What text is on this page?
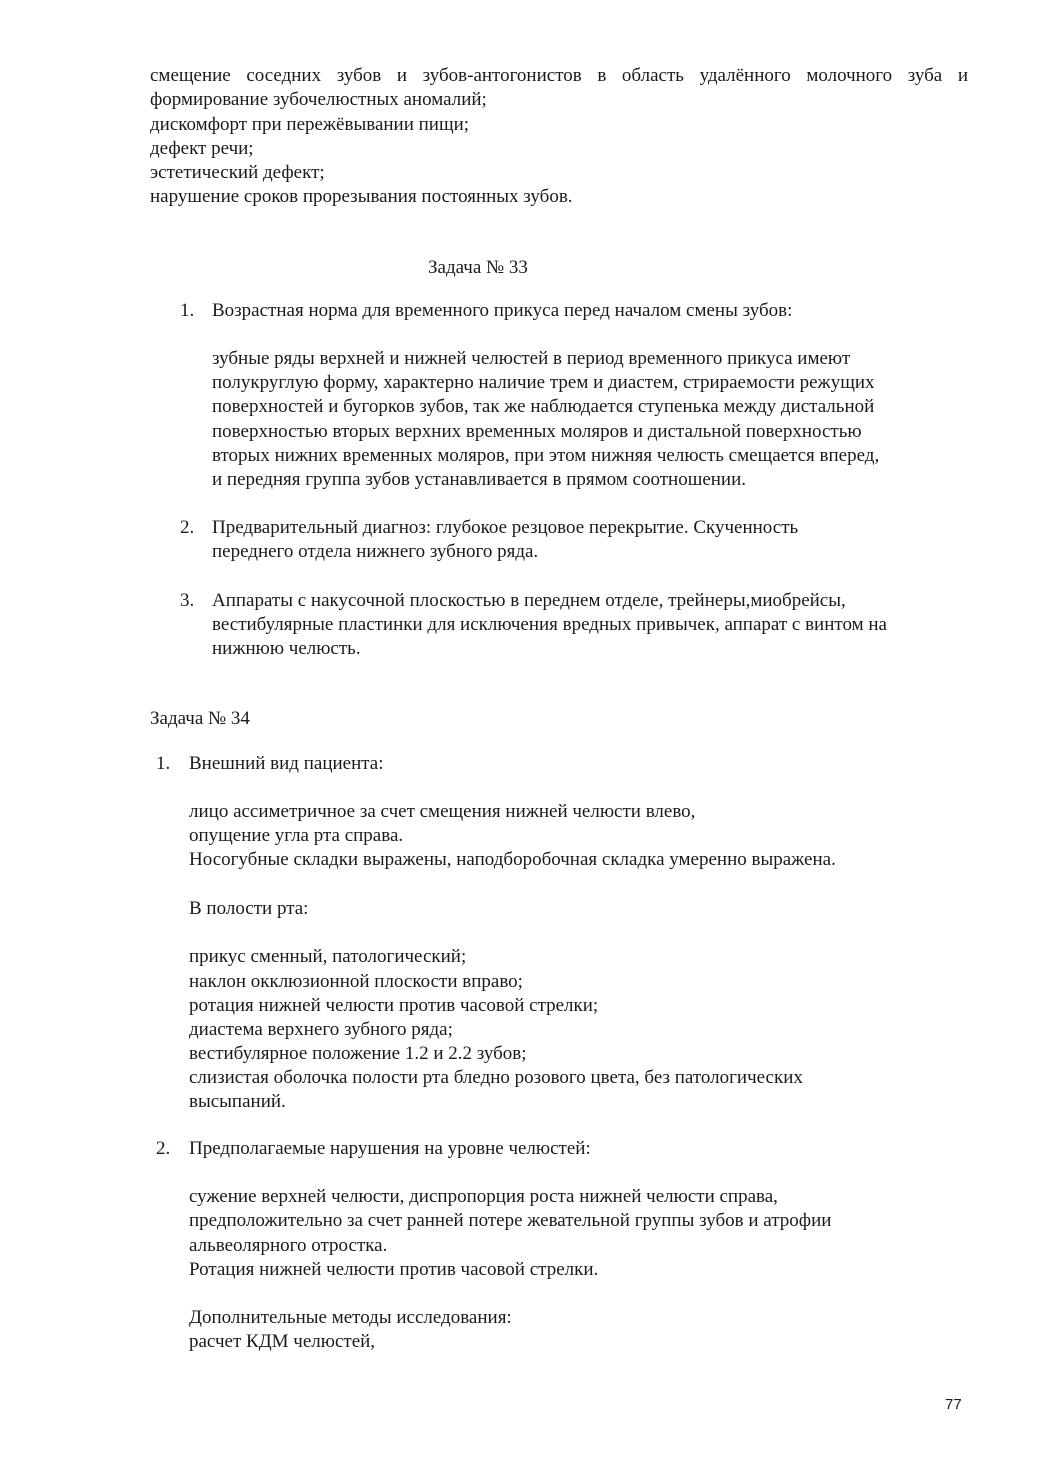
смещение соседних зубов и зубов-антогонистов в область удалённого молочного зуба и
формирование зубочелюстных аномалий;
дискомфорт при пережёвывании пищи;
дефект речи;
эстетический дефект;
нарушение сроков прорезывания постоянных зубов.
Задача № 33
1. Возрастная норма для временного прикуса перед началом смены зубов:
зубные ряды верхней и нижней челюстей в период временного прикуса имеют
полукруглую форму, характерно наличие трем и диастем, стрираемости режущих
поверхностей и бугорков зубов, так же наблюдается ступенька между дистальной
поверхностью вторых верхних временных моляров и дистальной поверхностью
вторых нижних временных моляров, при этом нижняя челюсть смещается вперед,
и передняя группа зубов устанавливается в прямом соотношении.
2. Предварительный диагноз: глубокое резцовое перекрытие. Скученность
переднего отдела нижнего зубного ряда.
3. Аппараты с накусочной плоскостью в переднем отделе, трейнеры,миобрейсы,
вестибулярные пластинки для исключения вредных привычек, аппарат с винтом на
нижнюю челюсть.
Задача № 34
1. Внешний вид пациента:
лицо ассиметричное за счет смещения нижней челюсти влево,
опущение угла рта справа.
Носогубные складки выражены, наподборобочная складка умеренно выражена.
В полости рта:
прикус сменный, патологический;
наклон окклюзионной плоскости вправо;
ротация нижней челюсти против часовой стрелки;
диастема верхнего зубного ряда;
вестибулярное положение 1.2 и 2.2 зубов;
слизистая оболочка полости рта бледно розового цвета, без патологических
высыпаний.
2. Предполагаемые нарушения на уровне челюстей:
сужение верхней челюсти, диспропорция роста нижней челюсти справа,
предположительно за счет ранней потере жевательной группы зубов и атрофии
альвеолярного отростка.
Ротация нижней челюсти против часовой стрелки.
Дополнительные методы исследования:
расчет КДМ челюстей,
77
